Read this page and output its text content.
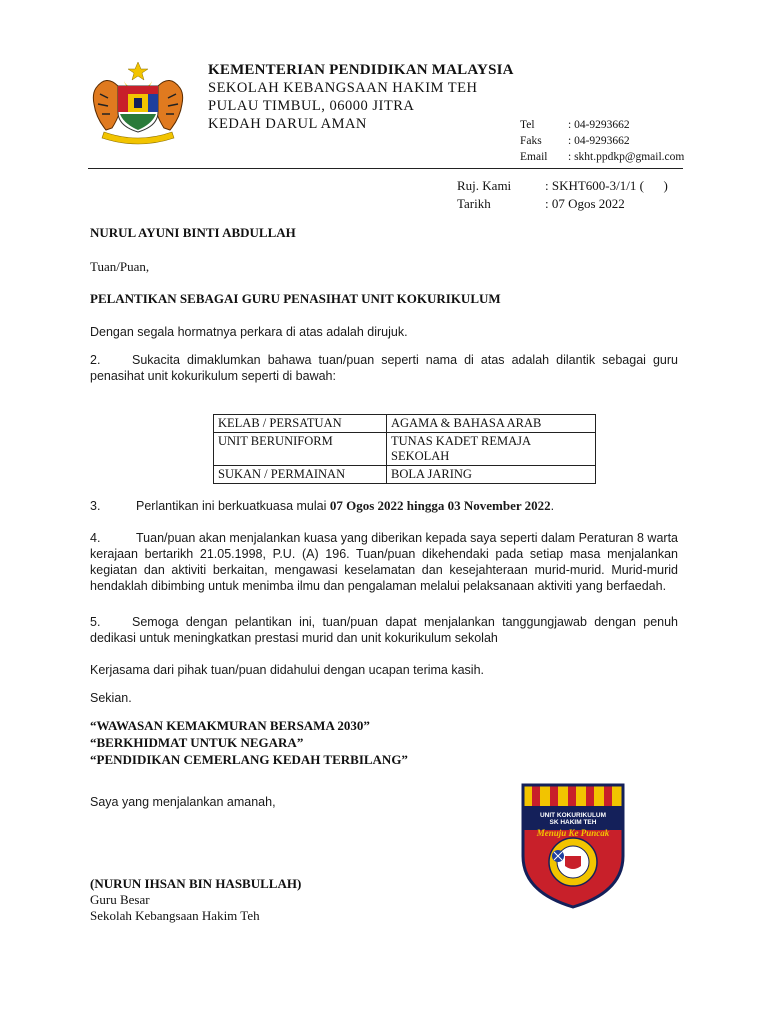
KEMENTERIAN PENDIDIKAN MALAYSIA
SEKOLAH KEBANGSAAN HAKIM TEH
PULAU TIMBUL, 06000 JITRA
KEDAH DARUL AMAN	Tel	: 04-9293662
Faks	: 04-9293662
Email	: skht.ppdkp@gmail.com
Ruj. Kami	: SKHT600-3/1/1 (      )
Tarikh	: 07 Ogos 2022
NURUL AYUNI BINTI ABDULLAH
Tuan/Puan,
PELANTIKAN SEBAGAI GURU PENASIHAT UNIT KOKURIKULUM
Dengan segala hormatnya perkara di atas adalah dirujuk.
2.	Sukacita dimaklumkan bahawa tuan/puan seperti nama di atas adalah dilantik sebagai guru penasihat unit kokurikulum seperti di bawah:
KELAB / PERSATUAN	AGAMA & BAHASA ARAB
UNIT BERUNIFORM	TUNAS KADET REMAJA SEKOLAH
SUKAN / PERMAINAN	BOLA JARING
3.	Perlantikan ini berkuatkuasa mulai 07 Ogos 2022 hingga 03 November 2022.
4.	Tuan/puan akan menjalankan kuasa yang diberikan kepada saya seperti dalam Peraturan 8 warta kerajaan bertarikh 21.05.1998, P.U. (A) 196. Tuan/puan dikehendaki pada setiap masa menjalankan kegiatan dan aktiviti berkaitan, mengawasi keselamatan dan kesejahteraan murid-murid. Murid-murid hendaklah dibimbing untuk menimba ilmu dan pengalaman melalui pelaksanaan aktiviti yang berfaedah.
5.	Semoga dengan pelantikan ini, tuan/puan dapat menjalankan tanggungjawab dengan penuh dedikasi untuk meningkatkan prestasi murid dan unit kokurikulum sekolah
Kerjasama dari pihak tuan/puan didahului dengan ucapan terima kasih.
Sekian.
“WAWASAN KEMAKMURAN BERSAMA 2030”
“BERKHIDMAT UNTUK NEGARA”
“PENDIDIKAN CEMERLANG KEDAH TERBILANG”
Saya yang menjalankan amanah,
(NURUN IHSAN BIN HASBULLAH)
Guru Besar
Sekolah Kebangsaan Hakim Teh
UNIT KOKURIKULUM
SK HAKIM TEH
Menuju Ke Puncak
